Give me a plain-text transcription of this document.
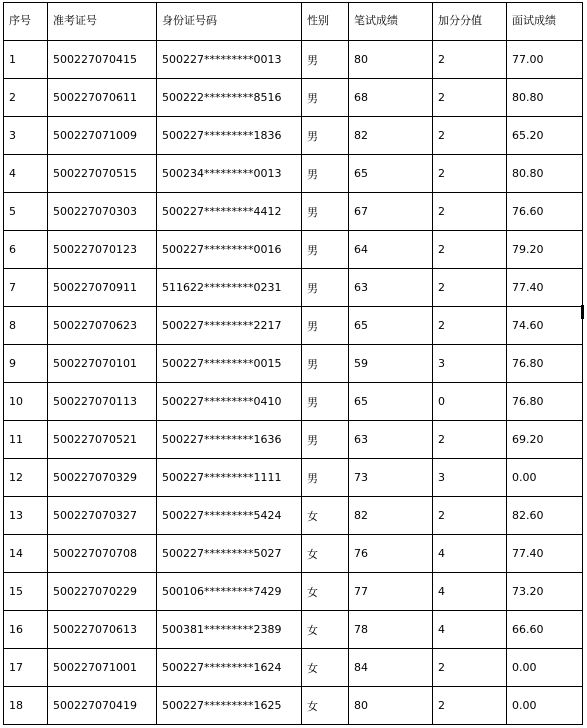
序号	准考证号	身份证号码	性别	笔试成绩	加分分值	面试成绩
1	500227070415	500227*********0013	男	80	2	77.00
2	500227070611	500222*********8516	男	68	2	80.80
3	500227071009	500227*********1836	男	82	2	65.20
4	500227070515	500234*********0013	男	65	2	80.80
5	500227070303	500227*********4412	男	67	2	76.60
6	500227070123	500227*********0016	男	64	2	79.20
7	500227070911	511622*********0231	男	63	2	77.40
8	500227070623	500227*********2217	男	65	2	74.60
9	500227070101	500227*********0015	男	59	3	76.80
10	500227070113	500227*********0410	男	65	0	76.80
11	500227070521	500227*********1636	男	63	2	69.20
12	500227070329	500227*********1111	男	73	3	0.00
13	500227070327	500227*********5424	女	82	2	82.60
14	500227070708	500227*********5027	女	76	4	77.40
15	500227070229	500106*********7429	女	77	4	73.20
16	500227070613	500381*********2389	女	78	4	66.60
17	500227071001	500227*********1624	女	84	2	0.00
18	500227070419	500227*********1625	女	80	2	0.00
